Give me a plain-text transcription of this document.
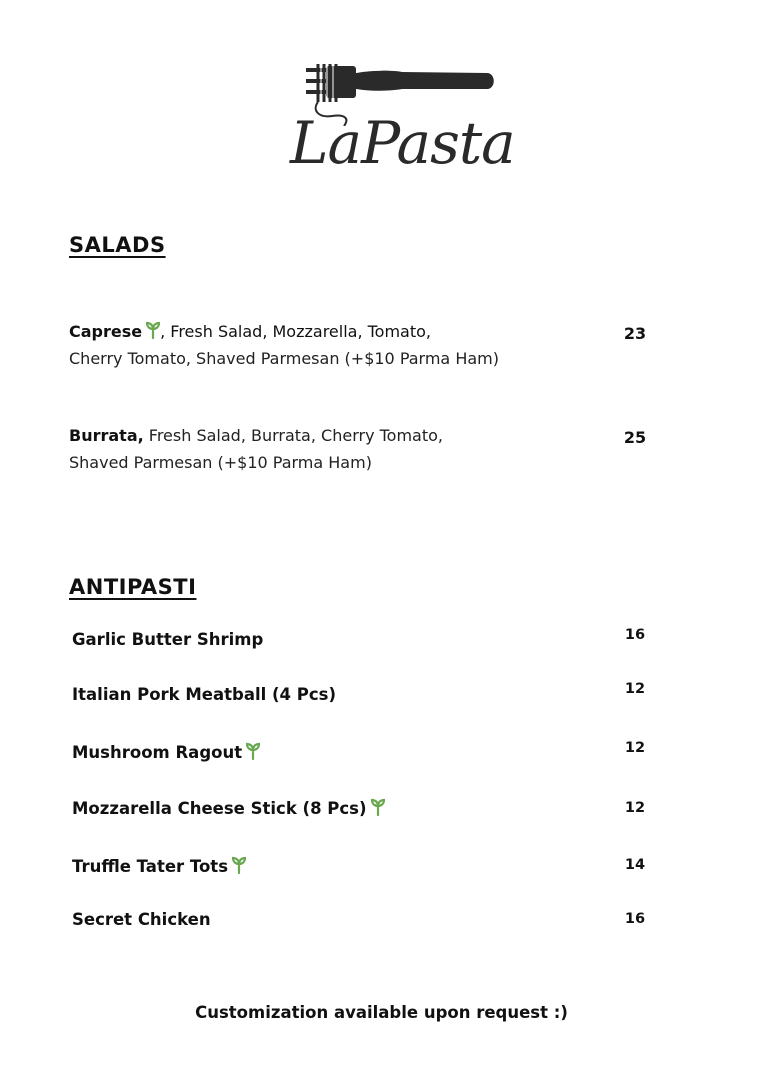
LaPasta
SALADS
Caprese , Fresh Salad, Mozzarella, Tomato,
Cherry Tomato, Shaved Parmesan (+$10 Parma Ham)
23
Burrata, Fresh Salad, Burrata, Cherry Tomato,
Shaved Parmesan (+$10 Parma Ham)
25
ANTIPASTI
Garlic Butter Shrimp	16
Italian Pork Meatball (4 Pcs)	12
Mushroom Ragout	12
Mozzarella Cheese Stick (8 Pcs)	12
Truffle Tater Tots	14
Secret Chicken	16
Customization available upon request :)
